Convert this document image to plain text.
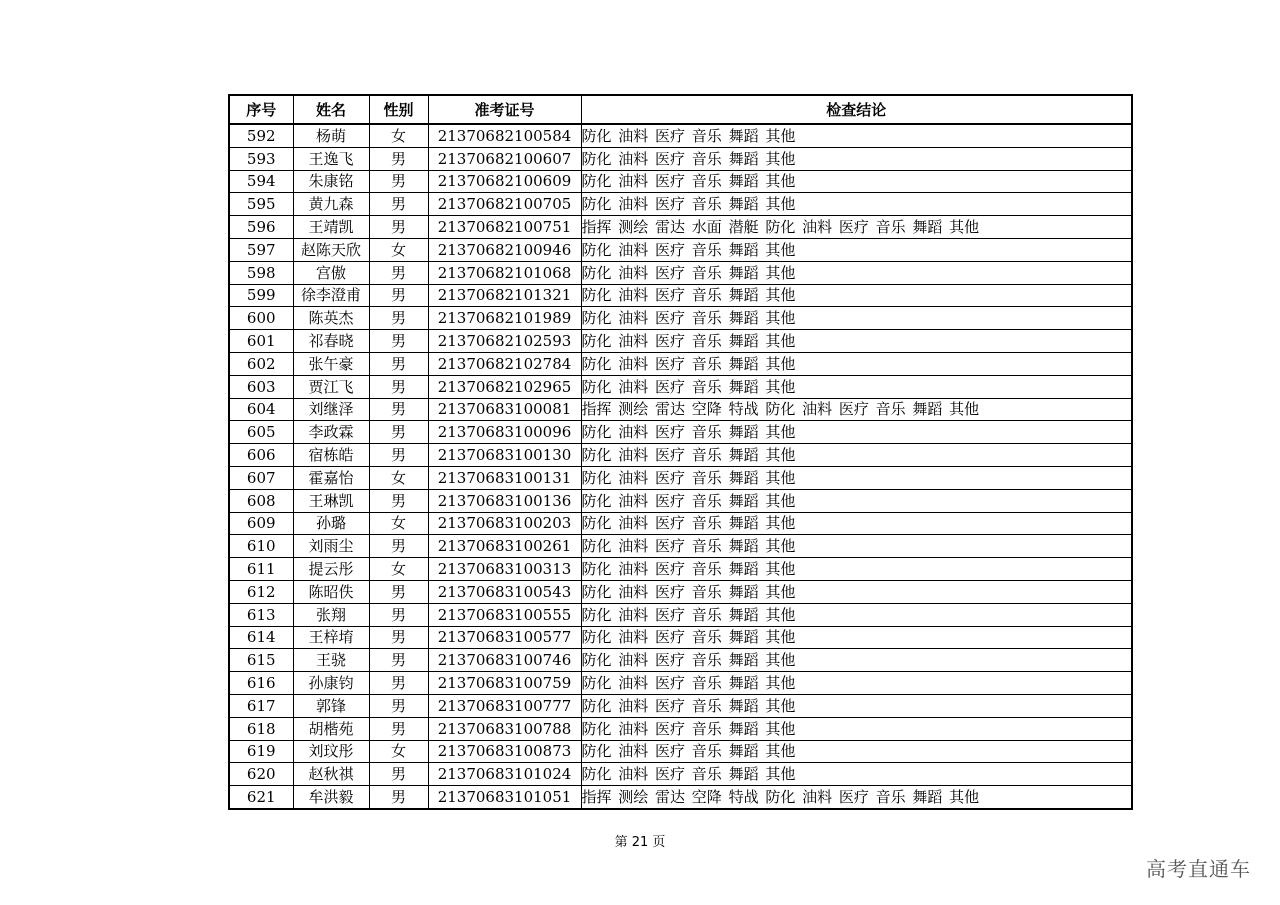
序号	姓名	性别	准考证号	检查结论
592	杨萌	女	21370682100584	防化 油料 医疗 音乐 舞蹈 其他
593	王逸飞	男	21370682100607	防化 油料 医疗 音乐 舞蹈 其他
594	朱康铭	男	21370682100609	防化 油料 医疗 音乐 舞蹈 其他
595	黄九森	男	21370682100705	防化 油料 医疗 音乐 舞蹈 其他
596	王靖凯	男	21370682100751	指挥 测绘 雷达 水面 潜艇 防化 油料 医疗 音乐 舞蹈 其他
597	赵陈天欣	女	21370682100946	防化 油料 医疗 音乐 舞蹈 其他
598	宫傲	男	21370682101068	防化 油料 医疗 音乐 舞蹈 其他
599	徐李澄甫	男	21370682101321	防化 油料 医疗 音乐 舞蹈 其他
600	陈英杰	男	21370682101989	防化 油料 医疗 音乐 舞蹈 其他
601	祁春晓	男	21370682102593	防化 油料 医疗 音乐 舞蹈 其他
602	张午豪	男	21370682102784	防化 油料 医疗 音乐 舞蹈 其他
603	贾江飞	男	21370682102965	防化 油料 医疗 音乐 舞蹈 其他
604	刘继泽	男	21370683100081	指挥 测绘 雷达 空降 特战 防化 油料 医疗 音乐 舞蹈 其他
605	李政霖	男	21370683100096	防化 油料 医疗 音乐 舞蹈 其他
606	宿栋皓	男	21370683100130	防化 油料 医疗 音乐 舞蹈 其他
607	霍嘉怡	女	21370683100131	防化 油料 医疗 音乐 舞蹈 其他
608	王琳凯	男	21370683100136	防化 油料 医疗 音乐 舞蹈 其他
609	孙璐	女	21370683100203	防化 油料 医疗 音乐 舞蹈 其他
610	刘雨尘	男	21370683100261	防化 油料 医疗 音乐 舞蹈 其他
611	提云彤	女	21370683100313	防化 油料 医疗 音乐 舞蹈 其他
612	陈昭佚	男	21370683100543	防化 油料 医疗 音乐 舞蹈 其他
613	张翔	男	21370683100555	防化 油料 医疗 音乐 舞蹈 其他
614	王梓堉	男	21370683100577	防化 油料 医疗 音乐 舞蹈 其他
615	王骁	男	21370683100746	防化 油料 医疗 音乐 舞蹈 其他
616	孙康钧	男	21370683100759	防化 油料 医疗 音乐 舞蹈 其他
617	郭锋	男	21370683100777	防化 油料 医疗 音乐 舞蹈 其他
618	胡楷苑	男	21370683100788	防化 油料 医疗 音乐 舞蹈 其他
619	刘玟彤	女	21370683100873	防化 油料 医疗 音乐 舞蹈 其他
620	赵秋祺	男	21370683101024	防化 油料 医疗 音乐 舞蹈 其他
621	牟洪毅	男	21370683101051	指挥 测绘 雷达 空降 特战 防化 油料 医疗 音乐 舞蹈 其他
第 21 页
高考直通车
